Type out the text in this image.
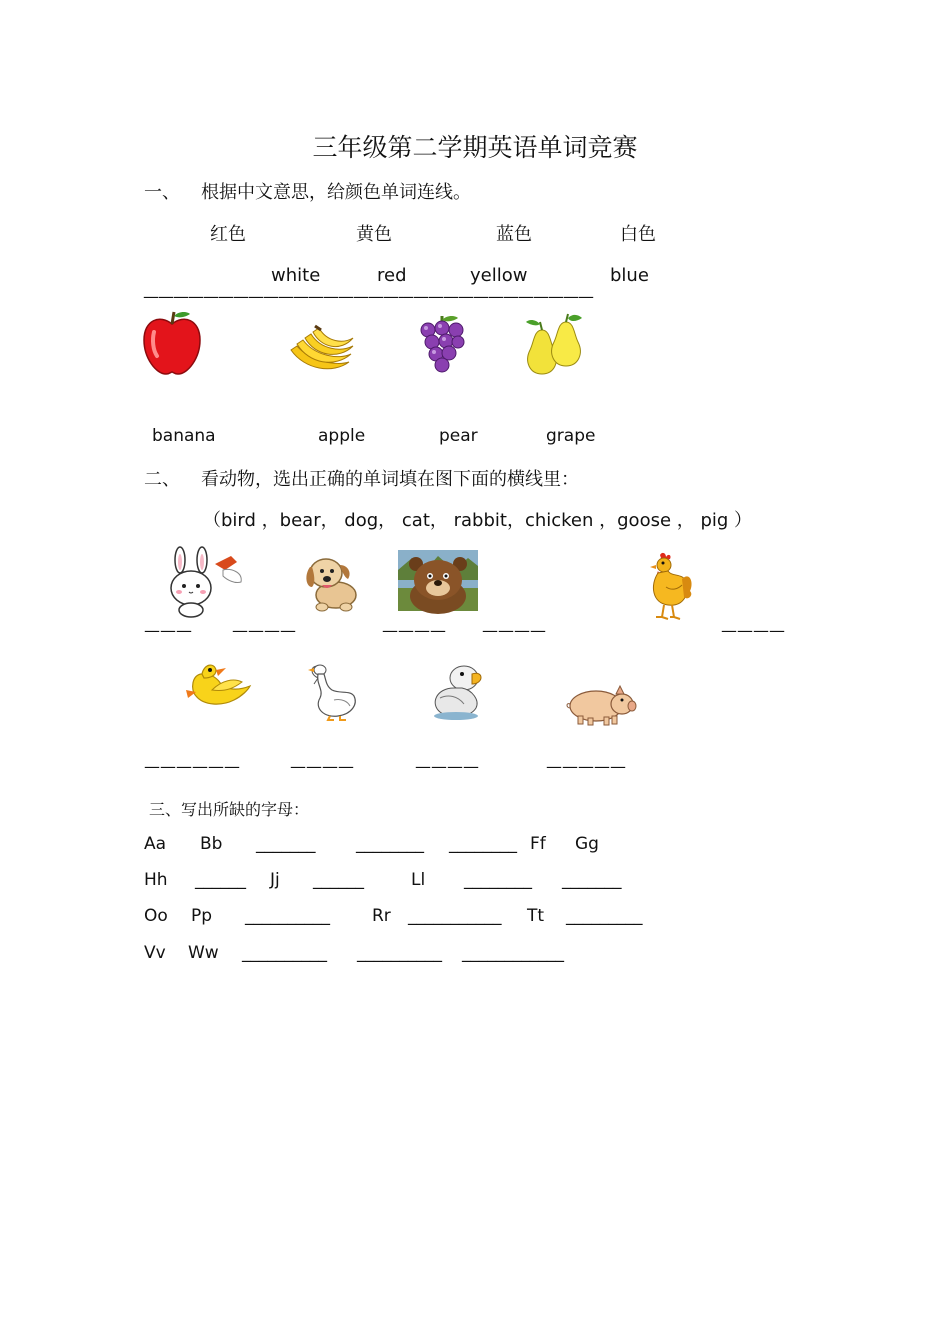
三年级第二学期英语单词竞赛
一、 根据中文意思，给颜色单词连线。
红色	黄色	蓝色	白色
white	red	yellow	blue
——————————————————————————————
banana	apple	pear	grape
二、 看动物，选出正确的单词填在图下面的横线里：
（bird ，bear， dog， cat， rabbit，chicken ，goose ， pig ）
———	————	———— ————	————
——————	————	————	—————
三、写出所缺的字母：
Aa Bb _______ ________ ________ Ff Gg
Hh ______ Jj ______	Ll ________ _______
Oo Pp __________ Rr ___________ Tt _________
Vv Ww __________ __________ ____________
